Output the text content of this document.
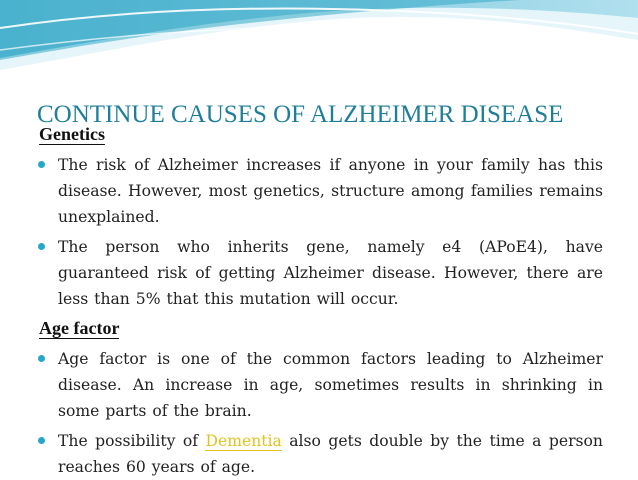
CONTINUE CAUSES OF ALZHEIMER DISEASE
Genetics
The risk of Alzheimer increases if anyone in your family has this disease. However, most genetics, structure among families remains unexplained.
The person who inherits gene, namely e4 (APoE4), have guaranteed risk of getting Alzheimer disease. However, there are less than 5% that this mutation will occur.
Age factor
Age factor is one of the common factors leading to Alzheimer disease. An increase in age, sometimes results in shrinking in some parts of the brain.
The possibility of Dementia also gets double by the time a person reaches 60 years of age.
